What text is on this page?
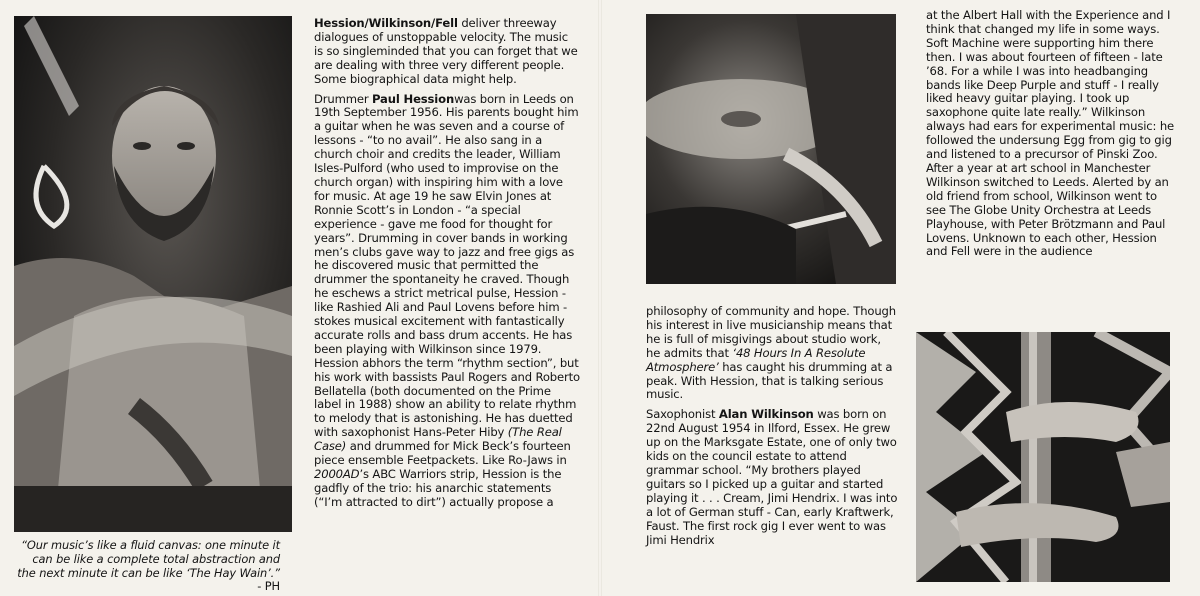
Hession/Wilkinson/Fell deliver threeway dialogues of unstoppable velocity. The music is so singleminded that you can forget that we are dealing with three very different people. Some biographical data might help.

Drummer Paul Hessionwas born in Leeds on 19th September 1956. His parents bought him a guitar when he was seven and a course of lessons - “to no avail”. He also sang in a church choir and credits the leader, William Isles-Pulford (who used to improvise on the church organ) with inspiring him with a love for music. At age 19 he saw Elvin Jones at Ronnie Scott’s in London - “a special experience - gave me food for thought for years”. Drumming in cover bands in working men’s clubs gave way to jazz and free gigs as he discovered music that permitted the drummer the spontaneity he craved. Though he eschews a strict metrical pulse, Hession - like Rashied Ali and Paul Lovens before him - stokes musical excitement with fantastically accurate rolls and bass drum accents. He has been playing with Wilkinson since 1979. Hession abhors the term “rhythm section”, but his work with bassists Paul Rogers and Roberto Bellatella (both documented on the Prime label in 1988) show an ability to relate rhythm to melody that is astonishing. He has duetted with saxophonist Hans-Peter Hiby (The Real Case) and drummed for Mick Beck’s fourteen piece ensemble Feetpackets. Like Ro-Jaws in 2000AD’s ABC Warriors strip, Hession is the gadfly of the trio: his anarchic statements (“I’m attracted to dirt”) actually propose a

philosophy of community and hope. Though his interest in live musicianship means that he is full of misgivings about studio work, he admits that ‘48 Hours In A Resolute Atmosphere’ has caught his drumming at a peak. With Hession, that is talking serious music.

Saxophonist Alan Wilkinson was born on 22nd August 1954 in Ilford, Essex. He grew up on the Marksgate Estate, one of only two kids on the council estate to attend grammar school. “My brothers played guitars so I picked up a guitar and started playing it . . . Cream, Jimi Hendrix. I was into a lot of German stuff - Can, early Kraftwerk, Faust. The first rock gig I ever went to was Jimi Hendrix

at the Albert Hall with the Experience and I think that changed my life in some ways. Soft Machine were supporting him there then. I was about fourteen of fifteen - late ’68. For a while I was into headbanging bands like Deep Purple and stuff - I really liked heavy guitar playing. I took up saxophone quite late really.” Wilkinson always had ears for experimental music: he followed the undersung Egg from gig to gig and listened to a precursor of Pinski Zoo. After a year at art school in Manchester Wilkinson switched to Leeds. Alerted by an old friend from school, Wilkinson went to see The Globe Unity Orchestra at Leeds Playhouse, with Peter Brötzmann and Paul Lovens. Unknown to each other, Hession and Fell were in the audience

“Our music’s like a fluid canvas: one minute it can be like a complete total abstraction and the next minute it can be like ‘The Hay Wain’.”     - PH
